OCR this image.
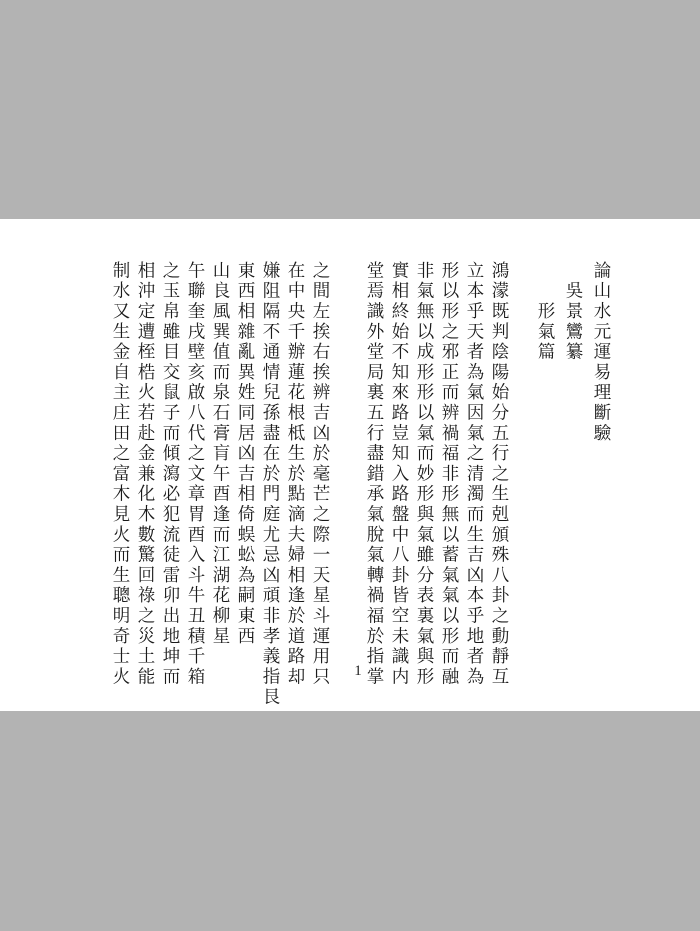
論山水元運易理斷驗
　吳景鸞纂
　　形氣篇
鴻濛既判陰陽始分五行之生剋頒殊八卦之動靜互
立本乎天者為氣因氣之清濁而生吉凶本乎地者為
形以形之邪正而辨禍福非形無以蓄氣氣以形而融
非氣無以成形形以氣而妙形與氣雖分表裏氣與形
實相終始不知來路豈知入路盤中八卦皆空未識内
堂焉識外堂局裏五行盡錯承氣脫氣轉禍福於指掌
之間左挨右挨辨吉凶於毫芒之際一天星斗運用只
在中央千辦蓮花根柢生於點滴夫婦相逢於道路却
嫌阻隔不通情兒孫盡在於門庭尤忌凶頑非孝義指艮
東西相雜亂異姓同居凶吉相倚蜈蚣為嗣東西
山良風巽值而泉石膏肓午酉逢而江湖花柳星
午聯奎戌壁亥啟八代之文章胃酉入斗牛丑積千箱
之玉帛雖目交鼠子而傾瀉必犯流徒雷卯出地坤而
相沖定遭桎梏火若赴金兼化木數驚回祿之災土能
制水又生金自主庄田之富木見火而生聰明奇士火	1
